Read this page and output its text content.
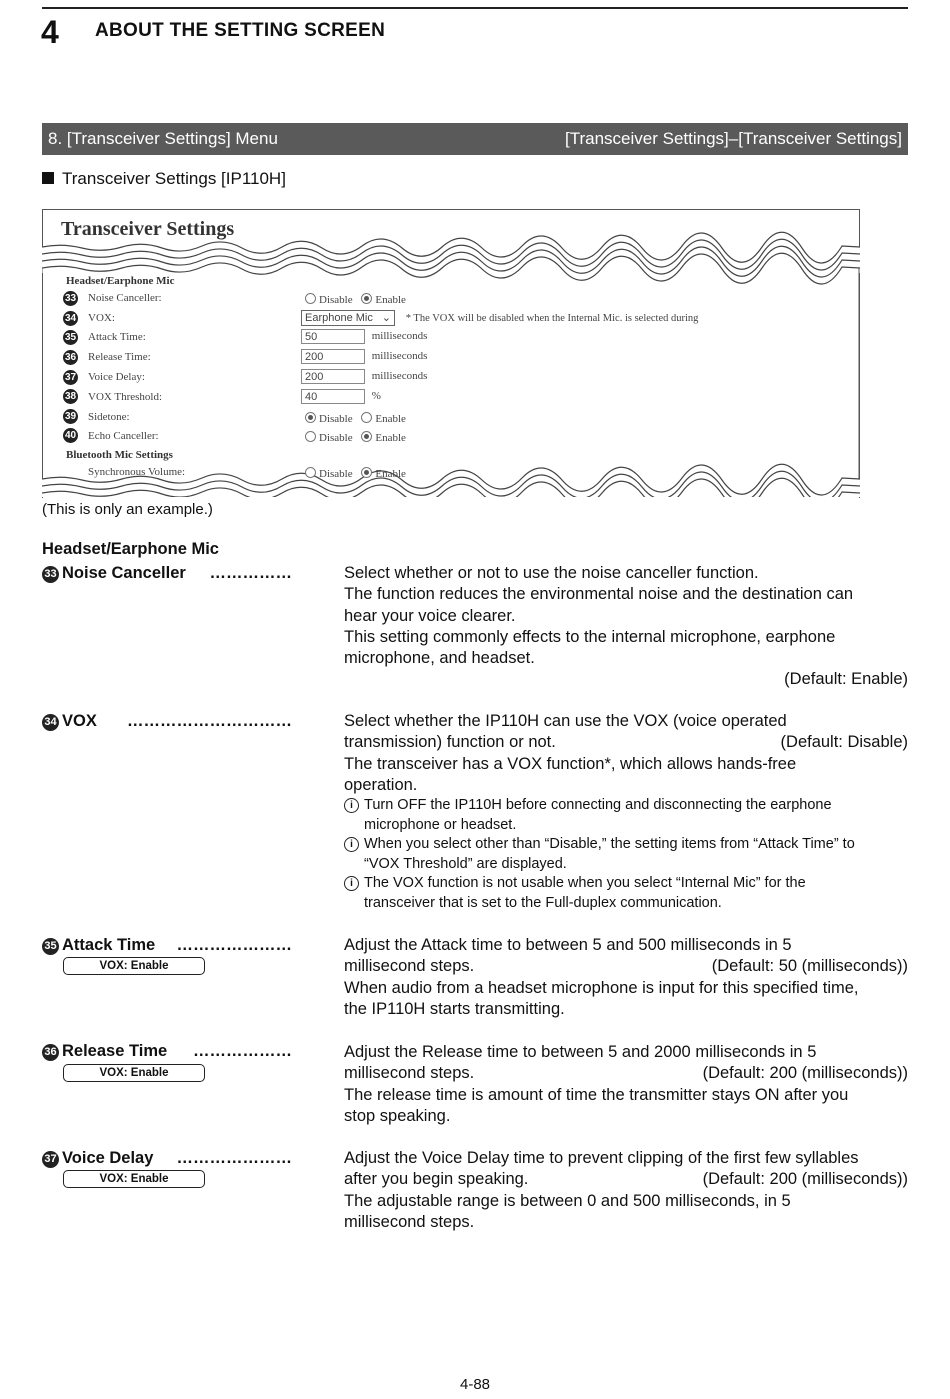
4 ABOUT THE SETTING SCREEN
8. [Transceiver Settings] Menu	[Transceiver Settings]–[Transceiver Settings]
Transceiver Settings [IP110H]
Transceiver Settings
Headset/Earphone Mic
33 Noise Canceller:	Disable Enable
34 VOX:	Earphone Mic ⌄ * The VOX will be disabled when the Internal Mic. is selected during
35 Attack Time:	50	milliseconds
36 Release Time:	200	milliseconds
37 Voice Delay:	200	milliseconds
38 VOX Threshold:	40	%
39 Sidetone:	Disable Enable
40 Echo Canceller:	Disable Enable
Bluetooth Mic Settings
Synchronous Volume:	Disable Enable
(This is only an example.)
Headset/Earphone Mic
33 Noise Canceller ……………	Select whether or not to use the noise canceller function.

The function reduces the environmental noise and the destination can

hear your voice clearer.

This setting commonly effects to the internal microphone, earphone

microphone, and headset.

(Default: Enable)

34 VOX …………………………	Select whether the IP110H can use the VOX (voice operated

transmission) function or not.	(Default: Disable)

The transceiver has a VOX function*, which allows hands-free

operation.

i Turn OFF the IP110H before connecting and disconnecting the earphone
microphone or headset.
i When you select other than “Disable,” the setting items from “Attack Time” to
“VOX Threshold” are displayed.
i The VOX function is not usable when you select “Internal Mic” for the
transceiver that is set to the Full-duplex communication.
35 Attack Time …………………
VOX: Enable

Adjust the Attack time to between 5 and 500 milliseconds in 5

millisecond steps.	(Default: 50 (milliseconds))

When audio from a headset microphone is input for this specified time,

the IP110H starts transmitting.

36 Release Time ………………
VOX: Enable

Adjust the Release time to between 5 and 2000 milliseconds in 5

millisecond steps.	(Default: 200 (milliseconds))

The release time is amount of time the transmitter stays ON after you

stop speaking.

37 Voice Delay …………………
VOX: Enable

Adjust the Voice Delay time to prevent clipping of the first few syllables

after you begin speaking.	(Default: 200 (milliseconds))

The adjustable range is between 0 and 500 milliseconds, in 5

millisecond steps.

4-88
